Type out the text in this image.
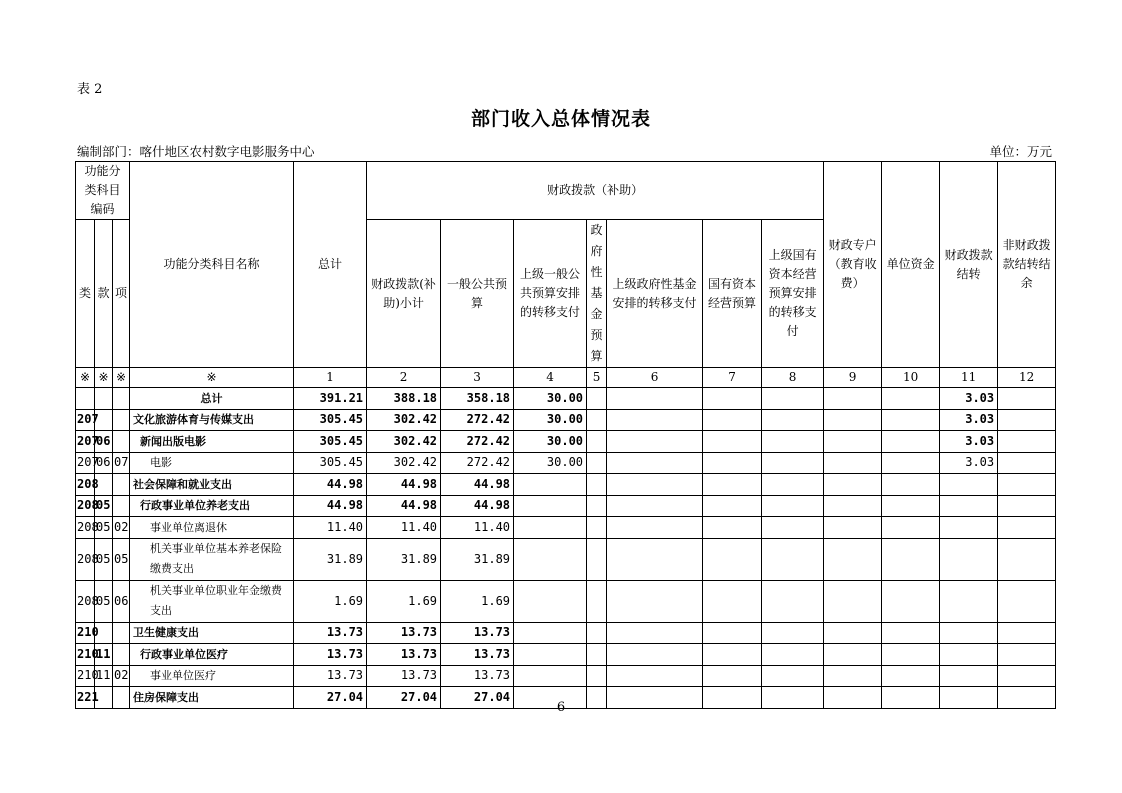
表 2
部门收入总体情况表
编制部门：喀什地区农村数字电影服务中心	单位：万元
功能分类科目编码			功能分类科目名称	总计	财政拨款（补助）							财政专户（教育收费）	单位资金	财政拨款结转	非财政拨款结转结余
类	款	项			财政拨款(补助)小计	一般公共预算	上级一般公共预算安排的转移支付	政府性基金预算	上级政府性基金安排的转移支付	国有资本经营预算	上级国有资本经营预算安排的转移支付				
※	※	※	※	1	2	3	4	5	6	7	8	9	10	11	12
			总计	391.21	388.18	358.18	30.00							3.03	
207			文化旅游体育与传媒支出	305.45	302.42	272.42	30.00							3.03	
207	06		新闻出版电影	305.45	302.42	272.42	30.00							3.03	
207	06	07	电影	305.45	302.42	272.42	30.00							3.03	
208			社会保障和就业支出	44.98	44.98	44.98									
208	05		行政事业单位养老支出	44.98	44.98	44.98									
208	05	02	事业单位离退休	11.40	11.40	11.40									
208	05	05	机关事业单位基本养老保险缴费支出	31.89	31.89	31.89									
208	05	06	机关事业单位职业年金缴费支出	1.69	1.69	1.69									
210			卫生健康支出	13.73	13.73	13.73									
210	11		行政事业单位医疗	13.73	13.73	13.73									
210	11	02	事业单位医疗	13.73	13.73	13.73									
221			住房保障支出	27.04	27.04	27.04									
6
